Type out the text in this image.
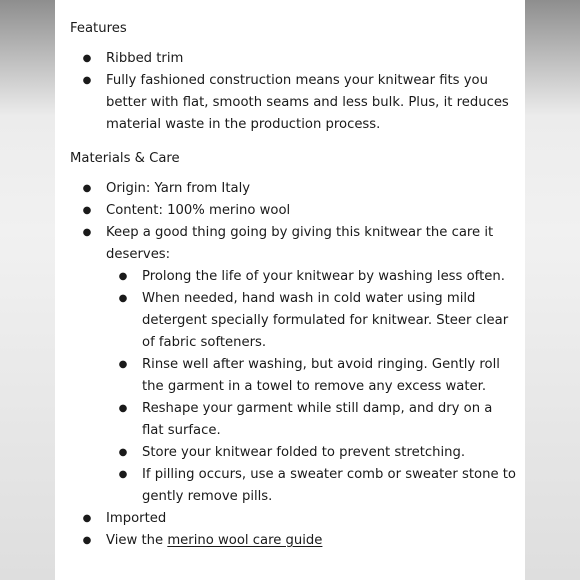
Features
● Ribbed trim
● Fully fashioned construction means your knitwear fits you better with flat, smooth seams and less bulk. Plus, it reduces material waste in the production process.
Materials & Care
● Origin: Yarn from Italy
● Content: 100% merino wool
● Keep a good thing going by giving this knitwear the care it deserves:
● Prolong the life of your knitwear by washing less often.
● When needed, hand wash in cold water using mild detergent specially formulated for knitwear. Steer clear of fabric softeners.
● Rinse well after washing, but avoid ringing. Gently roll the garment in a towel to remove any excess water.
● Reshape your garment while still damp, and dry on a flat surface.
● Store your knitwear folded to prevent stretching.
● If pilling occurs, use a sweater comb or sweater stone to gently remove pills.
● Imported
● View the merino wool care guide
